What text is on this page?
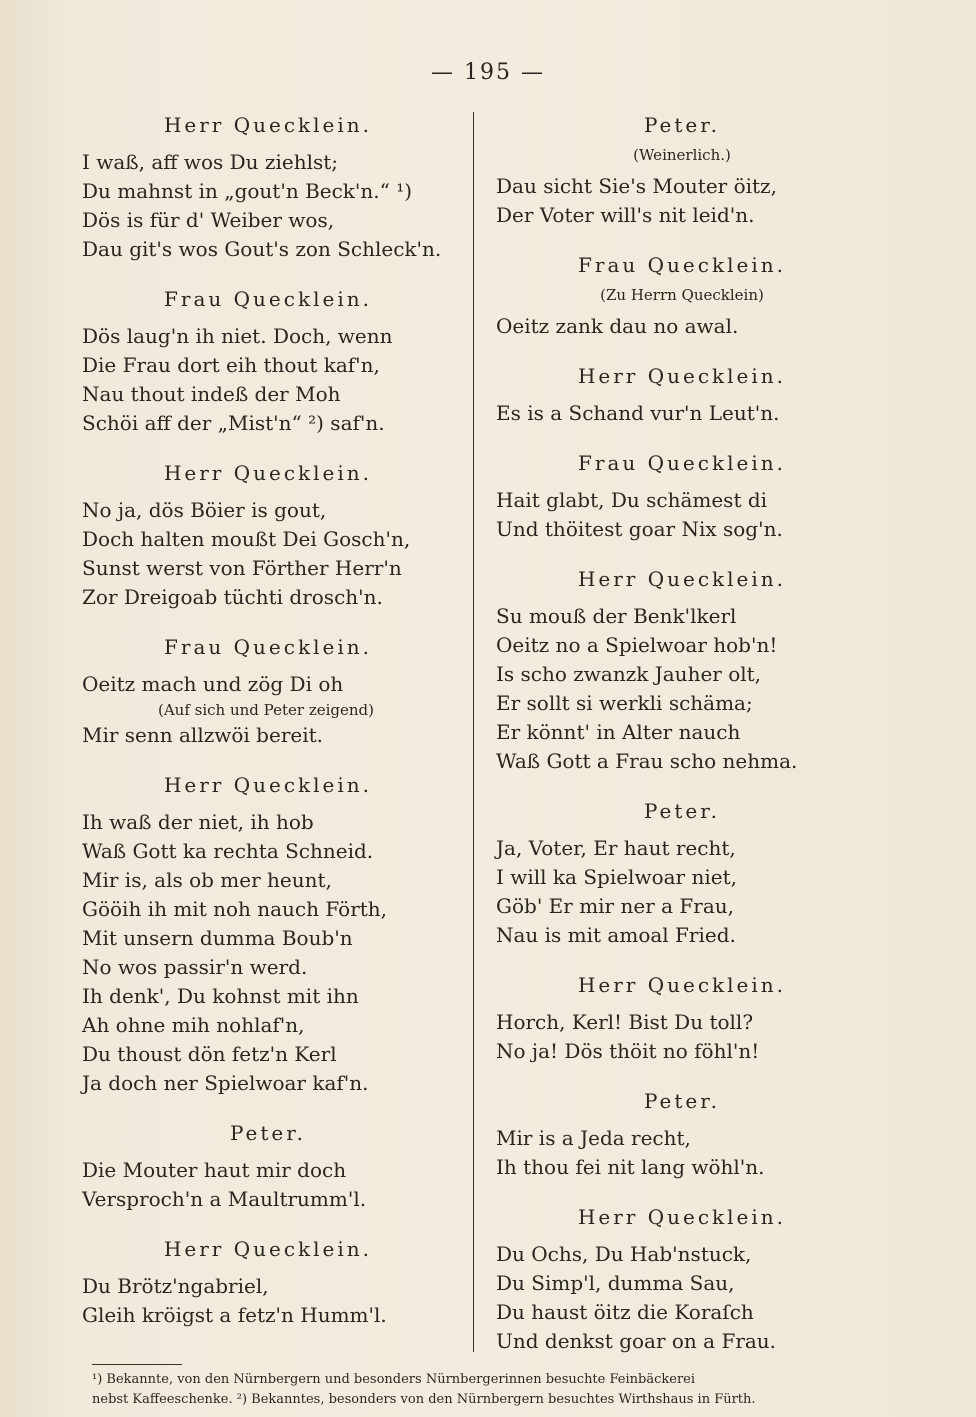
— 195 —
Herr Quecklein.
I waß, aff wos Du ziehlst;
Du mahnst in „gout'n Beck'n.“ ¹)
Dös is für d' Weiber wos,
Dau git's wos Gout's zon Schleck'n.
Frau Quecklein.
Dös laug'n ih niet. Doch, wenn
Die Frau dort eih thout kaf'n,
Nau thout indeß der Moh
Schöi aff der „Mist'n“ ²) saf'n.
Herr Quecklein.
No ja, dös Böier is gout,
Doch halten moußt Dei Gosch'n,
Sunst werst von Förther Herr'n
Zor Dreigoab tüchti drosch'n.
Frau Quecklein.
Oeitz mach und zög Di oh
(Auf sich und Peter zeigend)
Mir senn allzwöi bereit.
Herr Quecklein.
Ih waß der niet, ih hob
Waß Gott ka rechta Schneid.
Mir is, als ob mer heunt,
Gööih ih mit noh nauch Förth,
Mit unsern dumma Boub'n
No wos passir'n werd.
Ih denk', Du kohnst mit ihn
Ah ohne mih nohlaf'n,
Du thoust dön fetz'n Kerl
Ja doch ner Spielwoar kaf'n.
Peter.
Die Mouter haut mir doch
Versproch'n a Maultrumm'l.
Herr Quecklein.
Du Brötz'ngabriel,
Gleih kröigst a fetz'n Humm'l.
Peter.
(Weinerlich.)
Dau sicht Sie's Mouter öitz,
Der Voter will's nit leid'n.
Frau Quecklein.
(Zu Herrn Quecklein)
Oeitz zank dau no awal.
Herr Quecklein.
Es is a Schand vur'n Leut'n.
Frau Quecklein.
Hait glabt, Du schämest di
Und thöitest goar Nix sog'n.
Herr Quecklein.
Su mouß der Benk'lkerl
Oeitz no a Spielwoar hob'n!
Is scho zwanzk Jauher olt,
Er sollt si werkli schäma;
Er könnt' in Alter nauch
Waß Gott a Frau scho nehma.
Peter.
Ja, Voter, Er haut recht,
I will ka Spielwoar niet,
Göb' Er mir ner a Frau,
Nau is mit amoal Fried.
Herr Quecklein.
Horch, Kerl! Bist Du toll?
No ja! Dös thöit no föhl'n!
Peter.
Mir is a Jeda recht,
Ih thou fei nit lang wöhl'n.
Herr Quecklein.
Du Ochs, Du Hab'nstuck,
Du Simp'l, dumma Sau,
Du haust öitz die Koraſch
Und denkst goar on a Frau.
¹) Bekannte, von den Nürnbergern und besonders Nürnbergerinnen besuchte Feinbäckerei
nebst Kaffeeschenke. ²) Bekanntes, besonders von den Nürnbergern besuchtes Wirthshaus in Fürth.
